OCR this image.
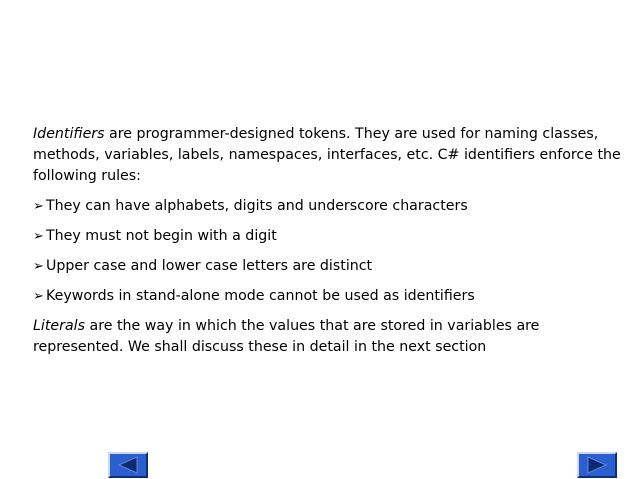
Identifiers are programmer-designed tokens. They are used for naming classes, methods, variables, labels, namespaces, interfaces, etc. C# identifiers enforce the following rules:

➢ They can have alphabets, digits and underscore characters
➢ They must not begin with a digit
➢ Upper case and lower case letters are distinct
➢ Keywords in stand-alone mode cannot be used as identifiers

Literals are the way in which the values that are stored in variables are represented. We shall discuss these in detail in the next section
